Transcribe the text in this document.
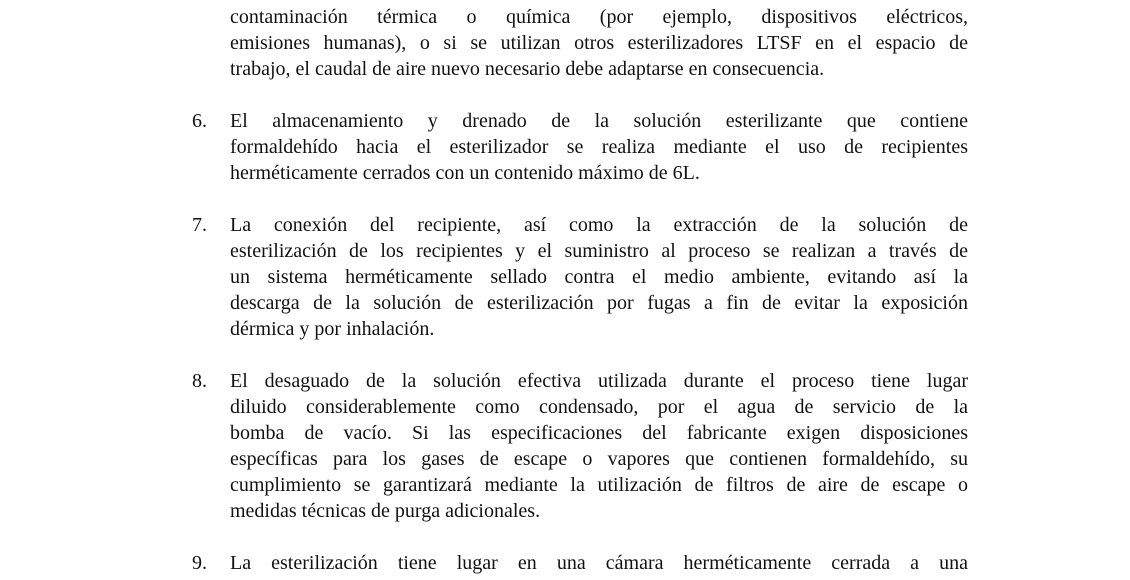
contaminación térmica o química (por ejemplo, dispositivos eléctricos,
emisiones humanas), o si se utilizan otros esterilizadores LTSF en el espacio de
trabajo, el caudal de aire nuevo necesario debe adaptarse en consecuencia.
6.	El almacenamiento y drenado de la solución esterilizante que contiene
formaldehído hacia el esterilizador se realiza mediante el uso de recipientes
herméticamente cerrados con un contenido máximo de 6L.
7.	La conexión del recipiente, así como la extracción de la solución de
esterilización de los recipientes y el suministro al proceso se realizan a través de
un sistema herméticamente sellado contra el medio ambiente, evitando así la
descarga de la solución de esterilización por fugas a fin de evitar la exposición
dérmica y por inhalación.
8.	El desaguado de la solución efectiva utilizada durante el proceso tiene lugar
diluido considerablemente como condensado, por el agua de servicio de la
bomba de vacío. Si las especificaciones del fabricante exigen disposiciones
específicas para los gases de escape o vapores que contienen formaldehído, su
cumplimiento se garantizará mediante la utilización de filtros de aire de escape o
medidas técnicas de purga adicionales.
9.	La esterilización tiene lugar en una cámara herméticamente cerrada a una
